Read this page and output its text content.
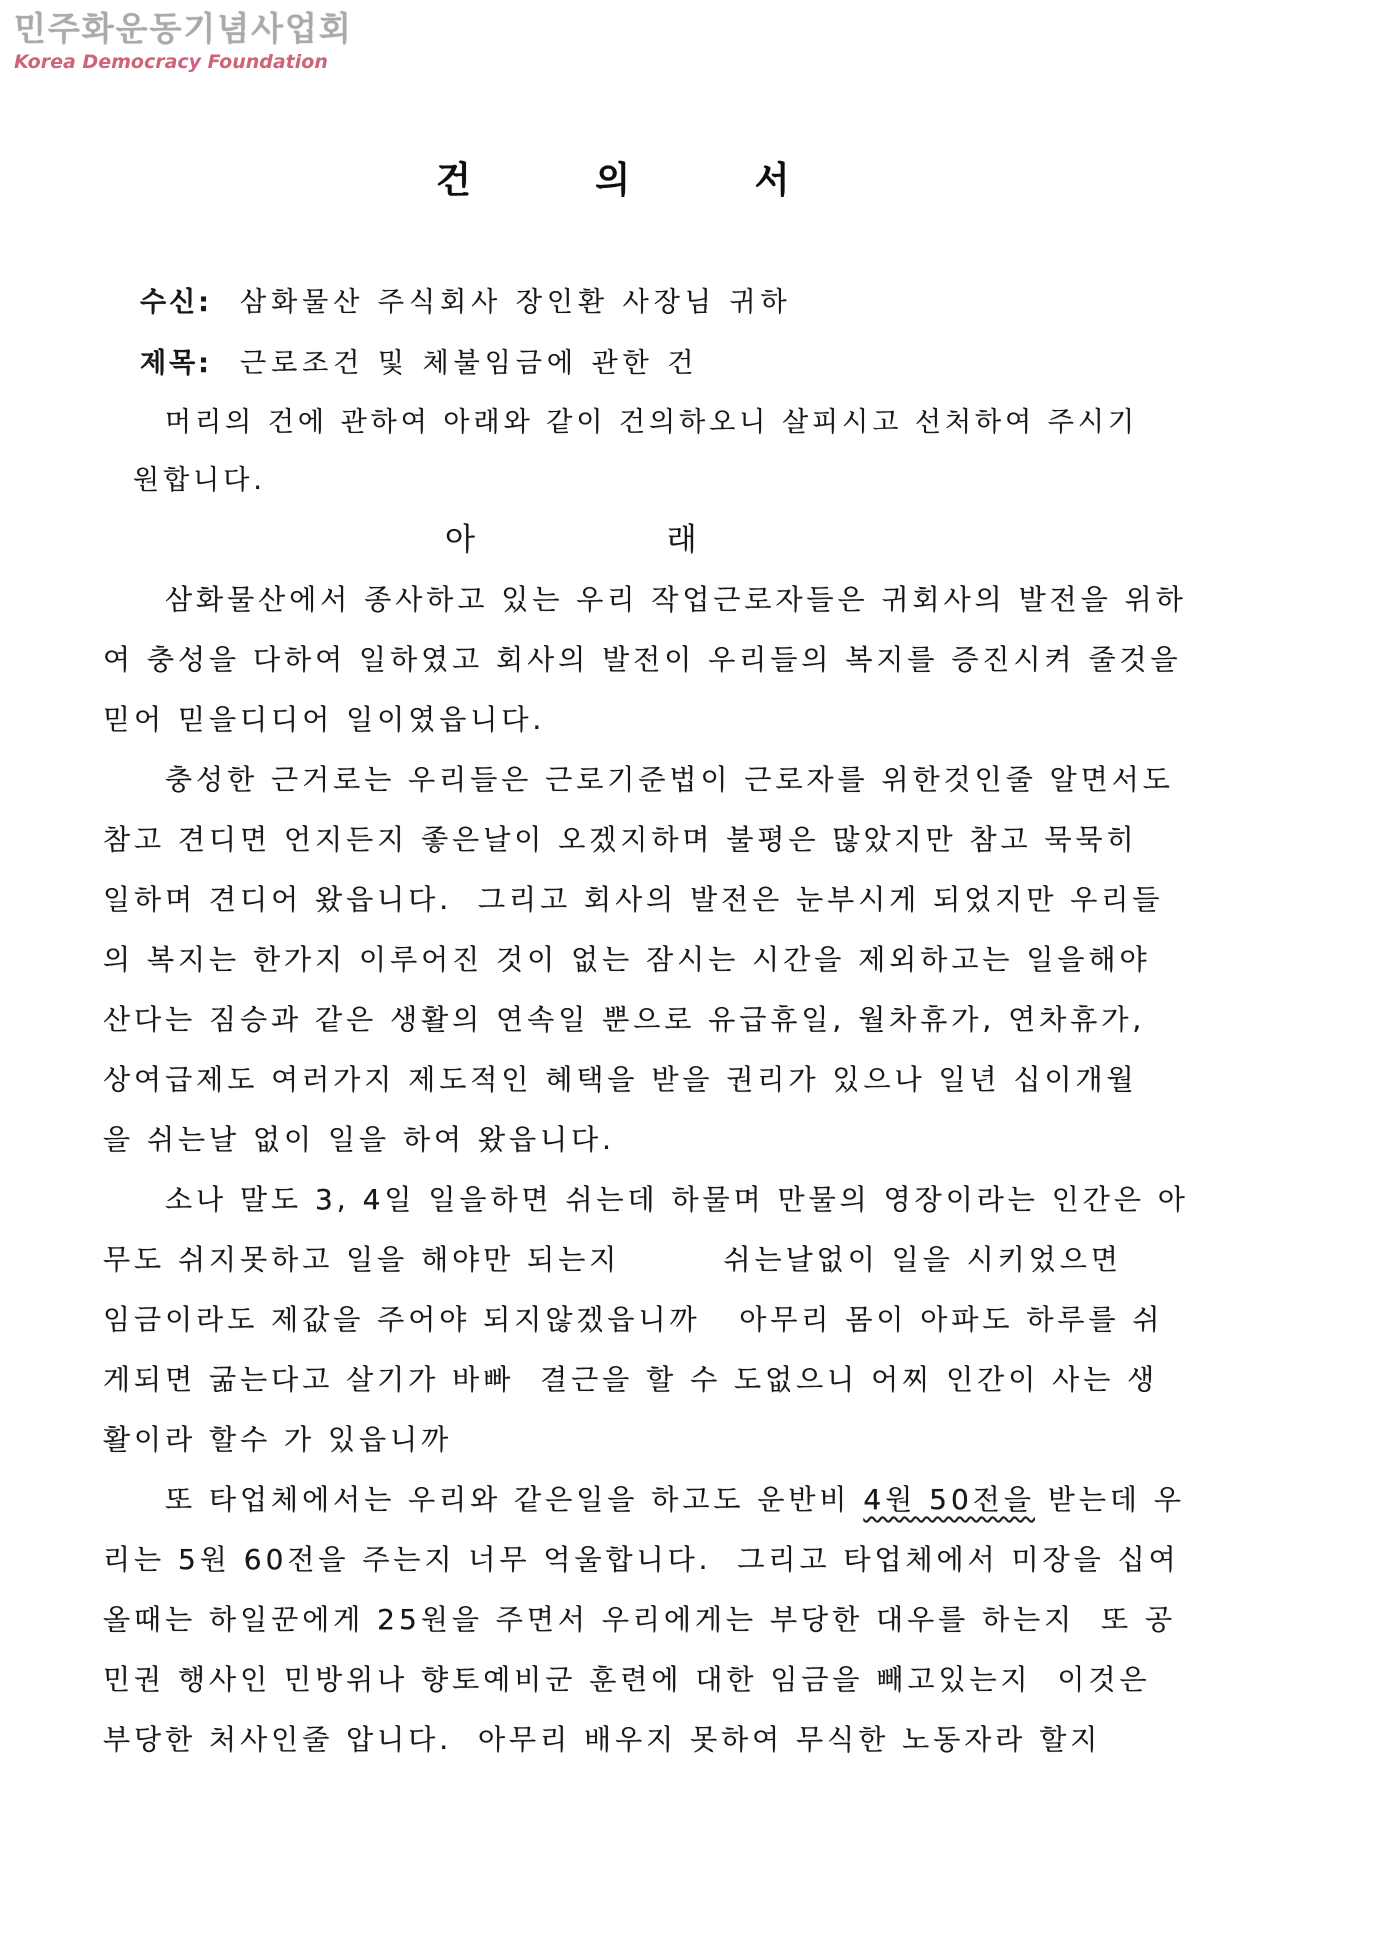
민주화운동기념사업회
Korea Democracy Foundation
건 의 서
수신: 삼화물산 주식회사 장인환 사장님 귀하
제목: 근로조건 및 체불임금에 관한 건
머리의 건에 관하여 아래와 같이 건의하오니 살피시고 선처하여 주시기
원합니다.
아 래
삼화물산에서 종사하고 있는 우리 작업근로자들은 귀회사의 발전을 위하
여 충성을 다하여 일하였고 회사의 발전이 우리들의 복지를 증진시켜 줄것을
믿어 믿을디디어 일이였읍니다.
충성한 근거로는 우리들은 근로기준법이 근로자를 위한것인줄 알면서도
참고 견디면 언지든지 좋은날이 오겠지하며 불평은 많았지만 참고 묵묵히
일하며 견디어 왔읍니다.  그리고 회사의 발전은 눈부시게 되었지만 우리들
의 복지는 한가지 이루어진 것이 없는 잠시는 시간을 제외하고는 일을해야
산다는 짐승과 같은 생활의 연속일 뿐으로 유급휴일, 월차휴가, 연차휴가,
상여급제도 여러가지 제도적인 혜택을 받을 권리가 있으나 일년 십이개월
을 쉬는날 없이 일을 하여 왔읍니다.
소나 말도 3, 4일 일을하면 쉬는데 하물며 만물의 영장이라는 인간은 아
무도 쉬지못하고 일을 해야만 되는지        쉬는날없이 일을 시키었으면
임금이라도 제값을 주어야 되지않겠읍니까   아무리 몸이 아파도 하루를 쉬
게되면 굶는다고 살기가 바빠  결근을 할 수 도없으니 어찌 인간이 사는 생
활이라 할수 가 있읍니까
또 타업체에서는 우리와 같은일을 하고도 운반비 4원 50전을 받는데 우
리는 5원 60전을 주는지 너무 억울합니다.  그리고 타업체에서 미장을 십여
올때는 하일꾼에게 25원을 주면서 우리에게는 부당한 대우를 하는지  또 공
민권 행사인 민방위나 향토예비군 훈련에 대한 임금을 빼고있는지  이것은
부당한 처사인줄 압니다.  아무리 배우지 못하여 무식한 노동자라 할지
